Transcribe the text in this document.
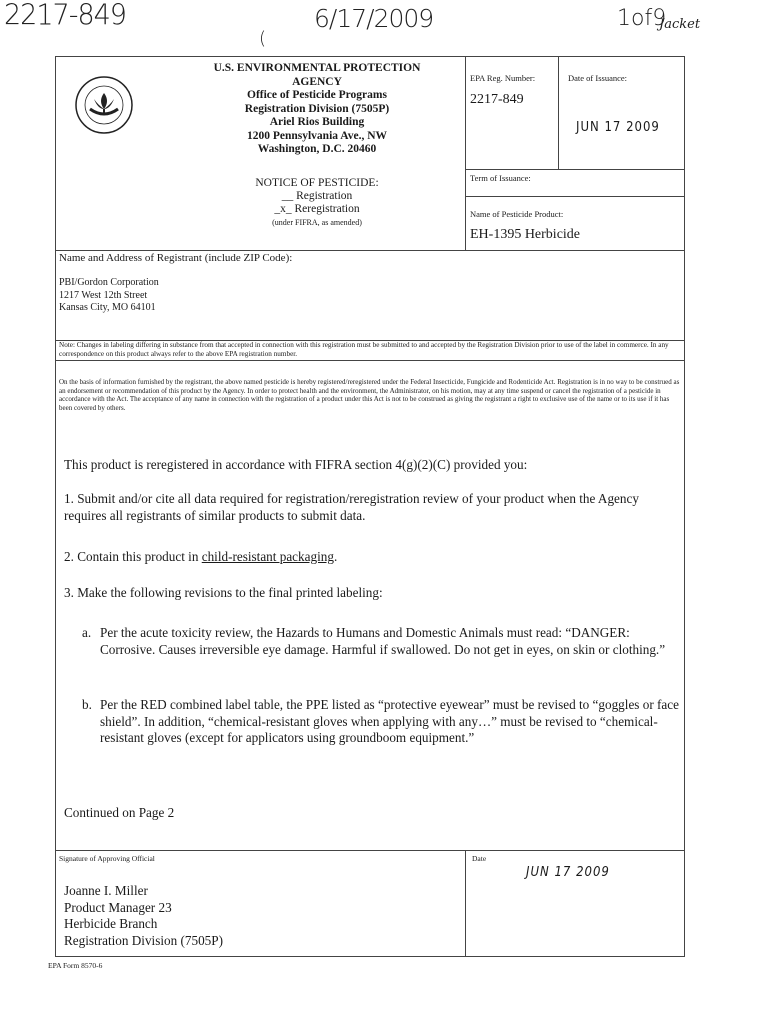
2217-849
(
6/17/2009	1of9
Jacket
U.S. ENVIRONMENTAL PROTECTION
AGENCY
Office of Pesticide Programs
Registration Division (7505P)
Ariel Rios Building
1200 Pennsylvania Ave., NW
Washington, D.C. 20460
NOTICE OF PESTICIDE:
__ Registration
_x_ Reregistration
(under FIFRA, as amended)
EPA Reg. Number:
2217-849
Date of Issuance:
JUN 17 2009
Term of Issuance:
Name of Pesticide Product:
EH-1395 Herbicide
Name and Address of Registrant (include ZIP Code):
PBI/Gordon Corporation
1217 West 12th Street
Kansas City, MO 64101
Note: Changes in labeling differing in substance from that accepted in connection with this registration must be submitted to and accepted by the Registration Division prior to use of the label in commerce. In any correspondence on this product always refer to the above EPA registration number.
On the basis of information furnished by the registrant, the above named pesticide is hereby registered/reregistered under the Federal Insecticide, Fungicide and Rodenticide Act. Registration is in no way to be construed as an endorsement or recommendation of this product by the Agency. In order to protect health and the environment, the Administrator, on his motion, may at any time suspend or cancel the registration of a pesticide in accordance with the Act. The acceptance of any name in connection with the registration of a product under this Act is not to be construed as giving the registrant a right to exclusive use of the name or to its use if it has been covered by others.
This product is reregistered in accordance with FIFRA section 4(g)(2)(C) provided you:
1. Submit and/or cite all data required for registration/reregistration review of your product when the Agency requires all registrants of similar products to submit data.
2. Contain this product in child-resistant packaging.
3. Make the following revisions to the final printed labeling:
a. Per the acute toxicity review, the Hazards to Humans and Domestic Animals must read: “DANGER: Corrosive. Causes irreversible eye damage. Harmful if swallowed. Do not get in eyes, on skin or clothing.”
b. Per the RED combined label table, the PPE listed as “protective eyewear” must be revised to “goggles or face shield”. In addition, “chemical-resistant gloves when applying with any…” must be revised to “chemical-resistant gloves (except for applicators using groundboom equipment.”
Continued on Page 2
Signature of Approving Official	Date
Joanne I. Miller
Product Manager 23
Herbicide Branch
Registration Division (7505P)
JUN 17 2009
EPA Form 8570-6
